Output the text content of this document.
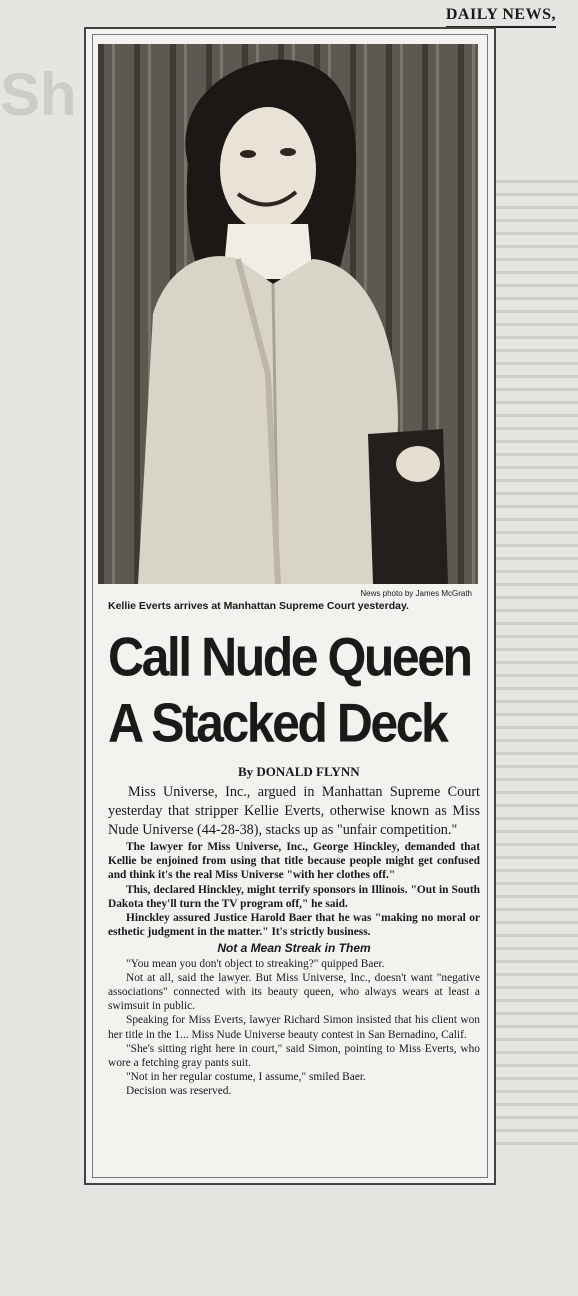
Sh
DAILY NEWS,
News photo by James McGrath
Kellie Everts arrives at Manhattan Supreme Court yesterday.
Call Nude Queen
A Stacked Deck
By DONALD FLYNN

Miss Universe, Inc., argued in Manhattan Supreme Court yesterday that stripper Kellie Everts, otherwise known as Miss Nude Universe (44-28-38), stacks up as "unfair competition."

The lawyer for Miss Universe, Inc., George Hinckley, demanded that Kellie be enjoined from using that title because people might get confused and think it's the real Miss Universe "with her clothes off."

This, declared Hinckley, might terrify sponsors in Illinois. "Out in South Dakota they'll turn the TV program off," he said.

Hinckley assured Justice Harold Baer that he was "making no moral or esthetic judgment in the matter." It's strictly business.

Not a Mean Streak in Them

"You mean you don't object to streaking?" quipped Baer.

Not at all, said the lawyer. But Miss Universe, Inc., doesn't want "negative associations" connected with its beauty queen, who always wears at least a swimsuit in public.

Speaking for Miss Everts, lawyer Richard Simon insisted that his client won her title in the 1... Miss Nude Universe beauty contest in San Bernadino, Calif.

"She's sitting right here in court," said Simon, pointing to Miss Everts, who wore a fetching gray pants suit.

"Not in her regular costume, I assume," smiled Baer.

Decision was reserved.
